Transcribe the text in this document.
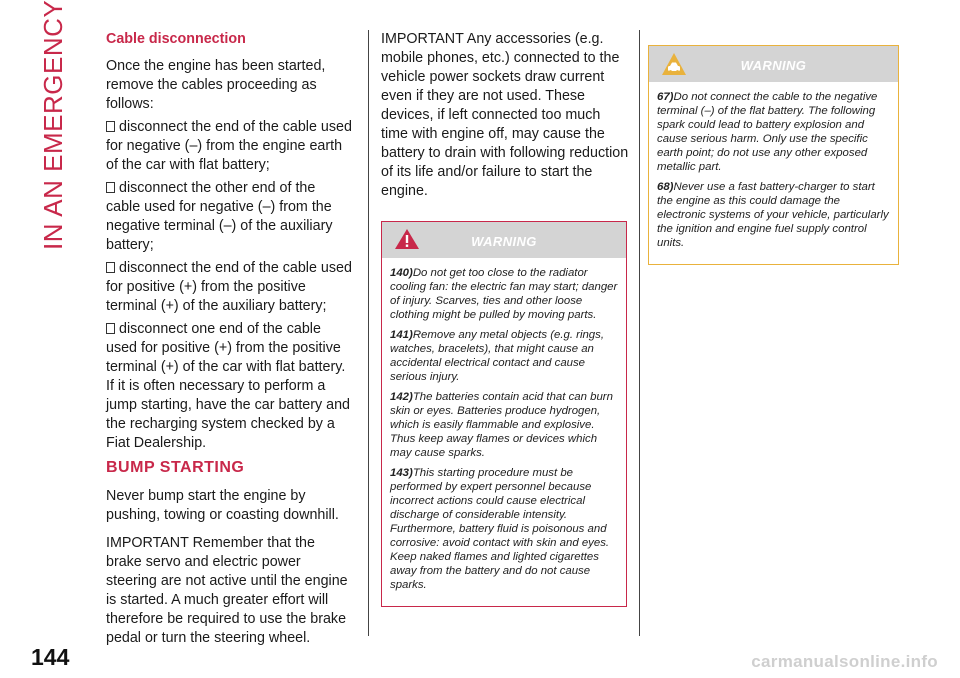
IN AN EMERGENCY	Cable disconnection

Once the engine has been started, remove the cables proceeding as follows:

disconnect the end of the cable used for negative (–) from the engine earth of the car with flat battery;
disconnect the other end of the cable used for negative (–) from the negative terminal (–) of the auxiliary battery;
disconnect the end of the cable used for positive (+) from the positive terminal (+) of the auxiliary battery;
disconnect one end of the cable used for positive (+) from the positive terminal (+) of the car with flat battery.

If it is often necessary to perform a jump starting, have the car battery and the recharging system checked by a Fiat Dealership.

BUMP STARTING

Never bump start the engine by pushing, towing or coasting downhill.

IMPORTANT Remember that the brake servo and electric power steering are not active until the engine is started. A much greater effort will therefore be required to use the brake pedal or turn the steering wheel.

IMPORTANT Any accessories (e.g. mobile phones, etc.) connected to the vehicle power sockets draw current even if they are not used. These devices, if left connected too much time with engine off, may cause the battery to drain with following reduction of its life and/or failure to start the engine.

WARNING

140)Do not get too close to the radiator cooling fan: the electric fan may start; danger of injury. Scarves, ties and other loose clothing might be pulled by moving parts.

141)Remove any metal objects (e.g. rings, watches, bracelets), that might cause an accidental electrical contact and cause serious injury.

142)The batteries contain acid that can burn skin or eyes. Batteries produce hydrogen, which is easily flammable and explosive. Thus keep away flames or devices which may cause sparks.

143)This starting procedure must be performed by expert personnel because incorrect actions could cause electrical discharge of considerable intensity. Furthermore, battery fluid is poisonous and corrosive: avoid contact with skin and eyes. Keep naked flames and lighted cigarettes away from the battery and do not cause sparks.

WARNING

67)Do not connect the cable to the negative terminal (–) of the flat battery. The following spark could lead to battery explosion and cause serious harm. Only use the specific earth point; do not use any other exposed metallic part.

68)Never use a fast battery-charger to start the engine as this could damage the electronic systems of your vehicle, particularly the ignition and engine fuel supply control units.

144	carmanualsonline.info
